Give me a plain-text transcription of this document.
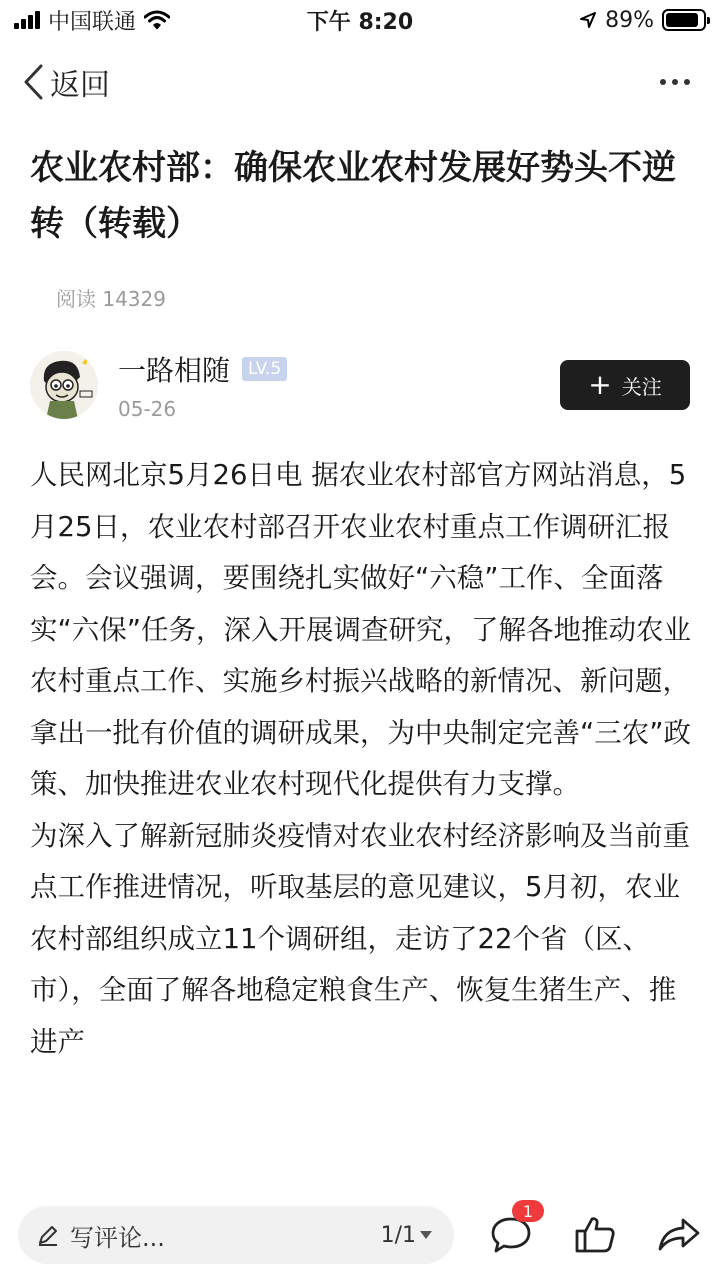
中国联通	下午 8:20	89%
返回
农业农村部：确保农业农村发展好势头不逆转（转载）
阅读 14329
一路相随	LV.5
05-26
+ 关注

人民网北京5月26日电 据农业农村部官方网站消息，5月25日，农业农村部召开农业农村重点工作调研汇报会。会议强调，要围绕扎实做好“六稳”工作、全面落实“六保”任务，深入开展调查研究，了解各地推动农业农村重点工作、实施乡村振兴战略的新情况、新问题，拿出一批有价值的调研成果，为中央制定完善“三农”政策、加快推进农业农村现代化提供有力支撑。

为深入了解新冠肺炎疫情对农业农村经济影响及当前重点工作推进情况，听取基层的意见建议，5月初，农业农村部组织成立11个调研组，走访了22个省（区、市），全面了解各地稳定粮食生产、恢复生猪生产、推进产

写评论...	1/1
1
